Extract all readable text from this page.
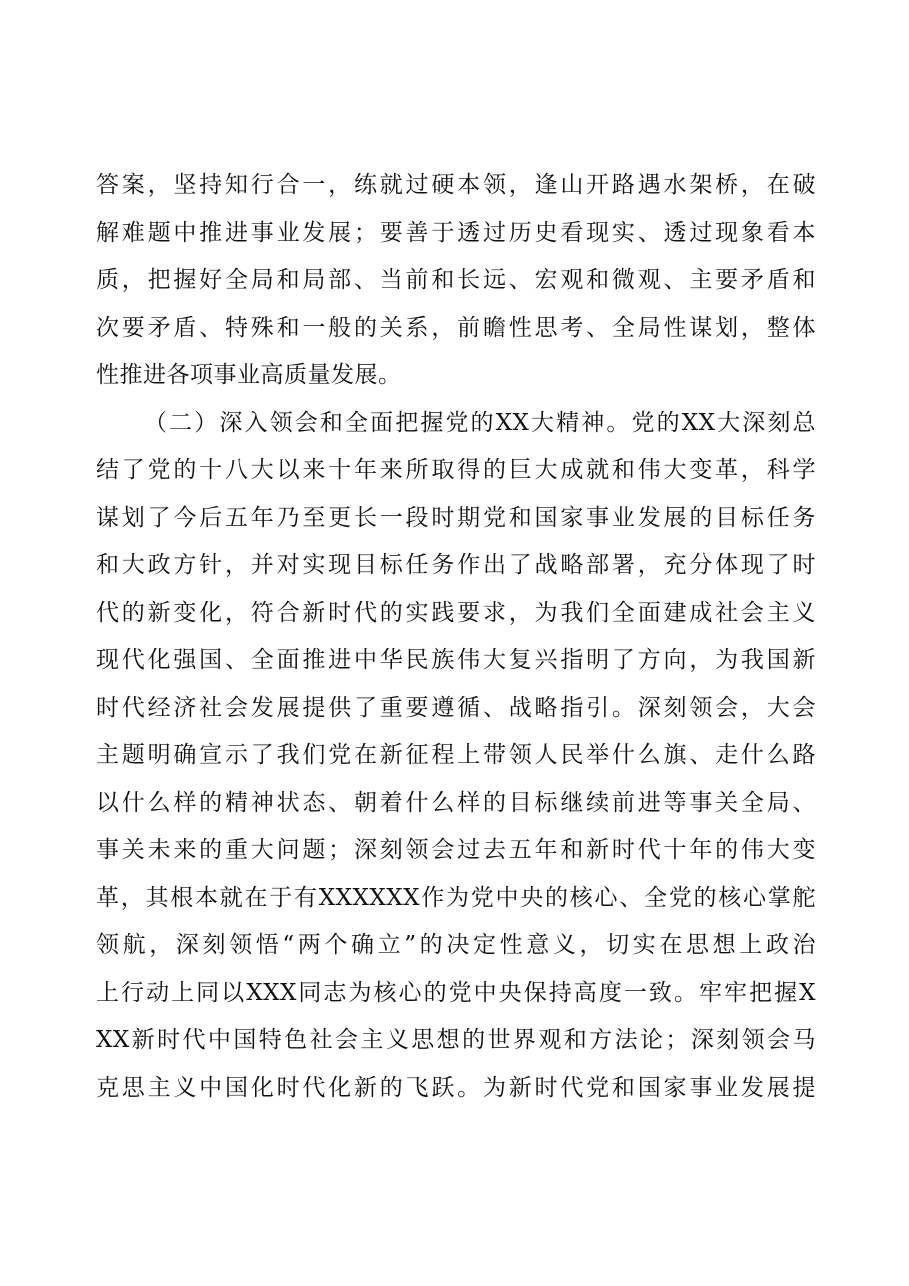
答案，坚持知行合一，练就过硬本领，逢山开路遇水架桥，在破
解难题中推进事业发展；要善于透过历史看现实、透过现象看本
质，把握好全局和局部、当前和长远、宏观和微观、主要矛盾和
次要矛盾、特殊和一般的关系，前瞻性思考、全局性谋划，整体
性推进各项事业高质量发展。
（二）深入领会和全面把握党的XX大精神。党的XX大深刻总
结了党的十八大以来十年来所取得的巨大成就和伟大变革，科学
谋划了今后五年乃至更长一段时期党和国家事业发展的目标任务
和大政方针，并对实现目标任务作出了战略部署，充分体现了时
代的新变化，符合新时代的实践要求，为我们全面建成社会主义
现代化强国、全面推进中华民族伟大复兴指明了方向，为我国新
时代经济社会发展提供了重要遵循、战略指引。深刻领会，大会
主题明确宣示了我们党在新征程上带领人民举什么旗、走什么路
以什么样的精神状态、朝着什么样的目标继续前进等事关全局、
事关未来的重大问题；深刻领会过去五年和新时代十年的伟大变
革，其根本就在于有XXXXXX作为党中央的核心、全党的核心掌舵
领航，深刻领悟“两个确立”的决定性意义，切实在思想上政治
上行动上同以XXX同志为核心的党中央保持高度一致。牢牢把握X
XX新时代中国特色社会主义思想的世界观和方法论；深刻领会马
克思主义中国化时代化新的飞跃。为新时代党和国家事业发展提
